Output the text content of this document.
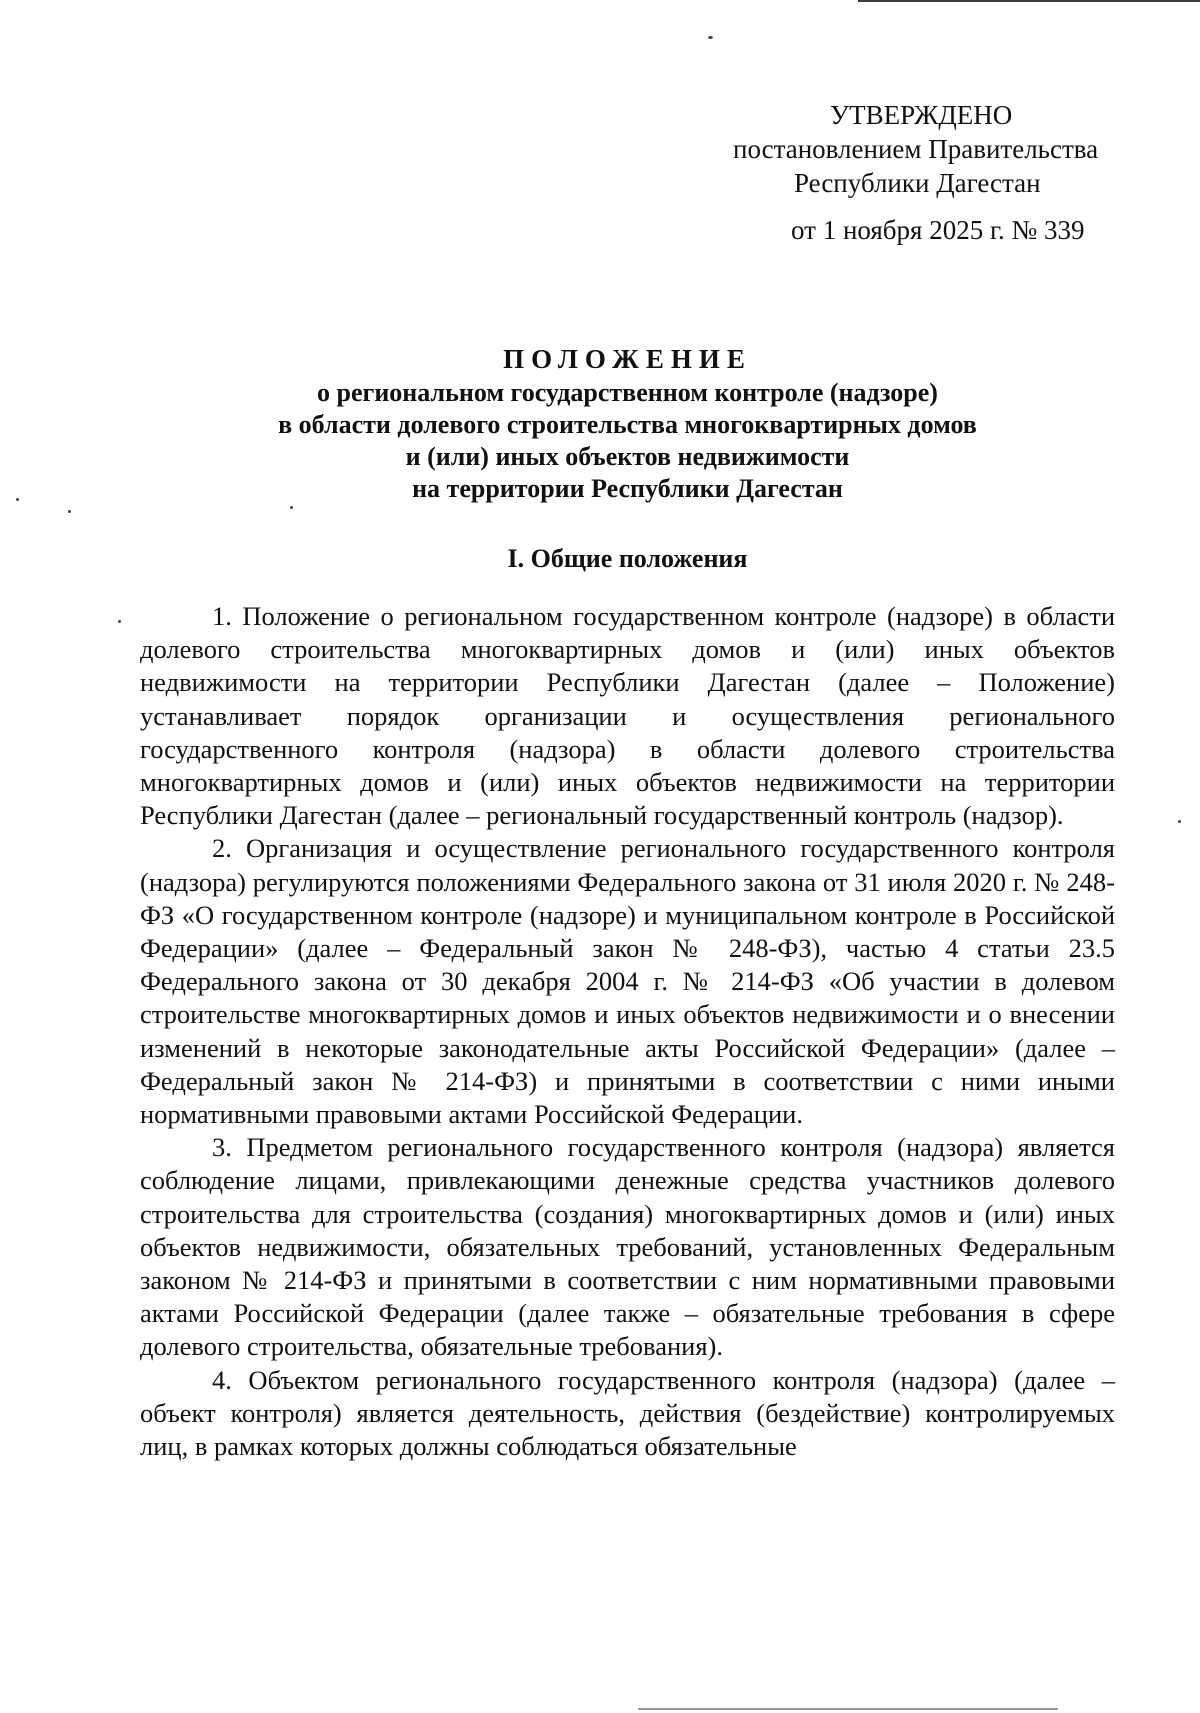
УТВЕРЖДЕНО
постановлением Правительства
Республики Дагестан
от 1 ноября 2025 г. № 339
ПОЛОЖЕНИЕ
о региональном государственном контроле (надзоре)
в области долевого строительства многоквартирных домов
и (или) иных объектов недвижимости
на территории Республики Дагестан
I. Общие положения

1. Положение о региональном государственном контроле (надзоре) в области долевого строительства многоквартирных домов и (или) иных объектов недвижимости на территории Республики Дагестан (далее – Положение) устанавливает порядок организации и осуществления регионального государственного контроля (надзора) в области долевого строительства многоквартирных домов и (или) иных объектов недвижимости на территории Республики Дагестан (далее – региональный государственный контроль (надзор).

2. Организация и осуществление регионального государственного контроля (надзора) регулируются положениями Федерального закона от 31 июля 2020 г. № 248-ФЗ «О государственном контроле (надзоре) и муниципальном контроле в Российской Федерации» (далее – Федеральный закон № 248-ФЗ), частью 4 статьи 23.5 Федерального закона от 30 декабря 2004 г. № 214-ФЗ «Об участии в долевом строительстве многоквартирных домов и иных объектов недвижимости и о внесении изменений в некоторые законодательные акты Российской Федерации» (далее – Федеральный закон № 214-ФЗ) и принятыми в соответствии с ними иными нормативными правовыми актами Российской Федерации.

3. Предметом регионального государственного контроля (надзора) является соблюдение лицами, привлекающими денежные средства участников долевого строительства для строительства (создания) многоквартирных домов и (или) иных объектов недвижимости, обязательных требований, установленных Федеральным законом № 214-ФЗ и принятыми в соответствии с ним нормативными правовыми актами Российской Федерации (далее также – обязательные требования в сфере долевого строительства, обязательные требования).

4. Объектом регионального государственного контроля (надзора) (далее – объект контроля) является деятельность, действия (бездействие) контролируемых лиц, в рамках которых должны соблюдаться обязательные
